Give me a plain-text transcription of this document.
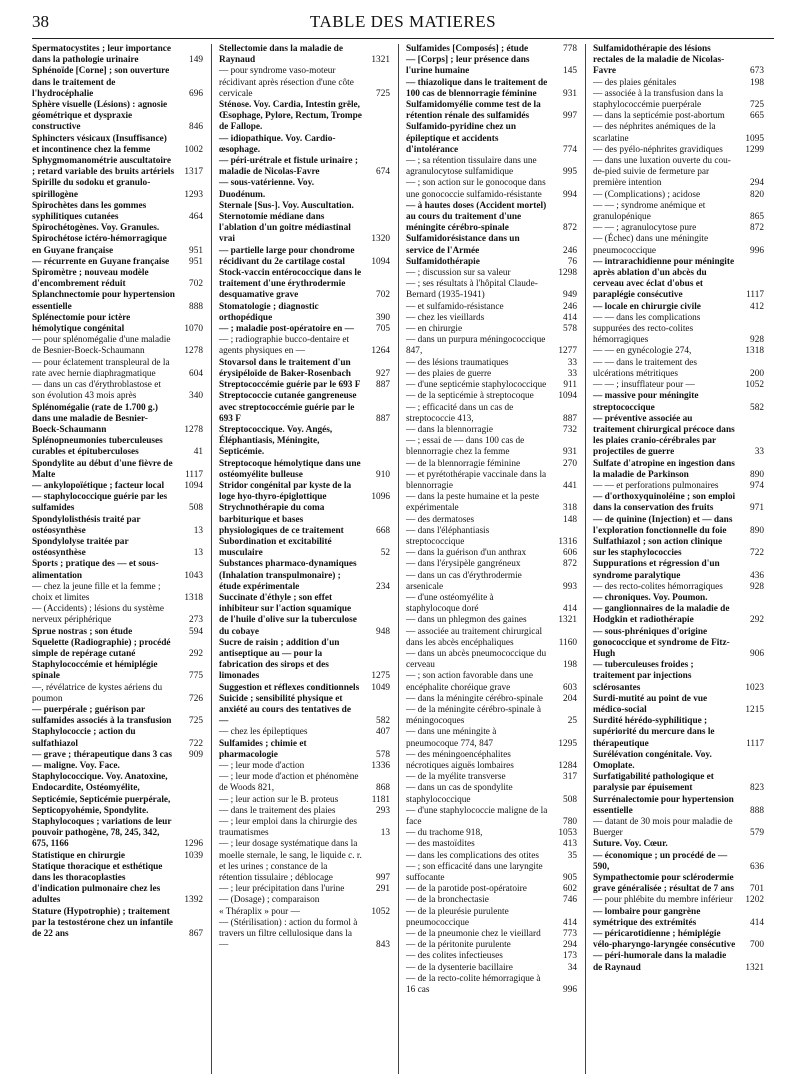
38	TABLE DES MATIERES
Spermatocystites ; leur importance dans la pathologie urinaire	149
Sphénoïde [Corne] ; son ouverture dans le traitement de l'hydrocéphalie	696
Sphère visuelle (Lésions) : agnosie géométrique et dyspraxie constructive	846
Sphincters vésicaux (Insuffisance) et incontinence chez la femme	1002
Sphygmomanométrie auscultatoire ; retard variable des bruits artériels	1317
Spirille du sodoku et granulo-spirillogène	1293
Spirochètes dans les gommes syphilitiques cutanées	464
Spirochétogènes. Voy. Granules.
Spirochétose ictéro-hémorragique en Guyane française	951
— récurrente en Guyane française	951
Spiromètre ; nouveau modèle d'encombrement réduit	702
Splanchnectomie pour hypertension essentielle	888
Splénectomie pour ictère hémolytique congénital	1070
— pour splénomégalie d'une maladie de Besnier-Boeck-Schaumann	1278
— pour éclatement transpleural de la rate avec hernie diaphragmatique	604
— dans un cas d'érythroblastose et son évolution 43 mois après	340
Splénomégalie (rate de 1.700 g.) dans une maladie de Besnier-Boeck-Schaumann	1278
Splénopneumonies tuberculeuses curables et épituberculoses	41
Spondylite au début d'une fièvre de Malte	1117
— ankylopoïétique ; facteur local	1094
— staphylococcique guérie par les sulfamides	508
Spondylolisthésis traité par ostéosynthèse	13
Spondylolyse traitée par ostéosynthèse	13
Sports ; pratique des — et sous-alimentation	1043
— chez la jeune fille et la femme ; choix et limites	1318
— (Accidents) ; lésions du système nerveux périphérique	273
Sprue nostras ; son étude	594
Squelette (Radiographie) ; procédé simple de repérage cutané	292
Staphylococcémie et hémiplégie spinale	775
—, révélatrice de kystes aériens du poumon	726
— puerpérale ; guérison par sulfamides associés à la transfusion	725
Staphylococcie ; action du sulfathiazol	722
— grave ; thérapeutique dans 3 cas	909
— maligne. Voy. Face.
Staphylococcique. Voy. Anatoxine, Endocardite, Ostéomyélite, Septicémie, Septicémie puerpérale, Septicopyohémie, Spondylite.
Staphylocoques ; variations de leur pouvoir pathogène, 78, 245, 342, 675, 1166	1296
Statistique en chirurgie	1039
Statique thoracique et esthétique dans les thoracoplasties d'indication pulmonaire chez les adultes	1392
Stature (Hypotrophie) ; traitement par la testostérone chez un infantile de 22 ans	867
Stellectomie dans la maladie de Raynaud	1321
— pour syndrome vaso-moteur récidivant après résection d'une côte cervicale	725
Sténose. Voy. Cardia, Intestin grêle, Œsophage, Pylore, Rectum, Trompe de Fallope.
— idiopathique. Voy. Cardio-œsophage.
— péri-urétrale et fistule urinaire ; maladie de Nicolas-Favre	674
— sous-vatérienne. Voy. Duodénum.
Sternale [Sus-]. Voy. Auscultation.
Sternotomie médiane dans l'ablation d'un goitre médiastinal vrai	1320
— partielle large pour chondrome récidivant du 2e cartilage costal	1094
Stock-vaccin entérococcique dans le traitement d'une érythrodermie desquamative grave	702
Stomatologie ; diagnostic orthopédique	390
— ; maladie post-opératoire en —	705
— ; radiographie bucco-dentaire et agents physiques en —	1264
Stovarsol dans le traitement d'un érysipéloïde de Baker-Rosenbach	927
Streptococcémie guérie par le 693 F	887
Streptococcie cutanée gangreneuse avec streptococcémie guérie par le 693 F	887
Streptococcique. Voy. Angés, Éléphantiasis, Méningite, Septicémie.
Streptocoque hémolytique dans une ostéomyélite bulleuse	910
Stridor congénital par kyste de la loge hyo-thyro-épiglottique	1096
Strychnothérapie du coma barbiturique et bases physiologiques de ce traitement	668
Subordination et excitabilité musculaire	52
Substances pharmaco-dynamiques (Inhalation transpulmonaire) ; étude expérimentale	234
Succinate d'éthyle ; son effet inhibiteur sur l'action squamique de l'huile d'olive sur la tuberculose du cobaye	948
Sucre de raisin ; addition d'un antiseptique au — pour la fabrication des sirops et des limonades	1275
Suggestion et réflexes conditionnels	1049
Suicide ; sensibilité physique et anxiété au cours des tentatives de —	582
— chez les épileptiques	407
Sulfamides ; chimie et pharmacologie	578
— ; leur mode d'action	1336
— ; leur mode d'action et phénomène de Woods 821,	868
— ; leur action sur le B. proteus	1181
— dans le traitement des plaies	293
— ; leur emploi dans la chirurgie des traumatismes	13
— ; leur dosage systématique dans la moelle sternale, le sang, le liquide c. r. et les urines ; constance de la rétention tissulaire ; déblocage	997
— ; leur précipitation dans l'urine	291
— (Dosage) ; comparaison
« Théraplix » pour —	1052
— (Stérilisation) : action du formol à travers un filtre cellulosique dans la —	843
Sulfamides [Composés] ; étude	778
— [Corps] ; leur présence dans l'urine humaine	145
— thiazolique dans le traitement de 100 cas de blennorragie féminine	931
Sulfamidomyélie comme test de la rétention rénale des sulfamidés	997
Sulfamido-pyridine chez un épileptique et accidents d'intolérance	774
— ; sa rétention tissulaire dans une agranulocytose sulfamidique	995
— ; son action sur le gonocoque dans une gonococcie sulfamido-résistante	994
— à hautes doses (Accident mortel) au cours du traitement d'une méningite cérébro-spinale	872
Sulfamidorésistance dans un service de l'Armée	246
Sulfamidothérapie	76
— ; discussion sur sa valeur	1298
— ; ses résultats à l'hôpital Claude-Bernard (1935-1941)	949
— et sulfamido-résistance	246
— chez les vieillards	414
— en chirurgie	578
— dans un purpura méningococcique 847,	1277
— des lésions traumatiques	33
— des plaies de guerre	33
— d'une septicémie staphylococcique	911
— de la septicémie à streptocoque	1094
— ; efficacité dans un cas de streptococcie 413,	887
— dans la blennorragie	732
— ; essai de — dans 100 cas de blennorragie chez la femme	931
— de la blennorragie féminine	270
— et pyrétothérapie vaccinale dans la blennorragie	441
— dans la peste humaine et la peste expérimentale	318
— des dermatoses	148
— dans l'éléphantiasis streptococcique	1316
— dans la guérison d'un anthrax	606
— dans l'érysipèle gangréneux	872
— dans un cas d'érythrodermie arsenicale	993
— d'une ostéomyélite à staphylocoque doré	414
— dans un phlegmon des gaines	1321
— associée au traitement chirurgical dans les abcès encéphaliques	1160
— dans un abcès pneumococcique du cerveau	198
— ; son action favorable dans une encéphalite choréique grave	603
— dans la méningite cérébro-spinale	204
— de la méningite cérébro-spinale à méningocoques	25
— dans une méningite à pneumocoque 774, 847	1295
— des méningoencéphalites nécrotiques aiguës lombaires	1284
— de la myélite transverse	317
— dans un cas de spondylite staphylococcique	508
— d'une staphylococcie maligne de la face	780
— du trachome 918,	1053
— des mastoïdites	413
— dans les complications des otites	35
— ; son efficacité dans une laryngite suffocante	905
— de la parotide post-opératoire	602
— de la bronchectasie	746
— de la pleurésie purulente pneumococcique	414
— de la pneumonie chez le vieillard	773
— de la péritonite purulente	294
— des colites infectieuses	173
— de la dysenterie bacillaire	34
— de la recto-colite hémorragique à 16 cas	996
Sulfamidothérapie des lésions rectales de la maladie de Nicolas-Favre	673
— des plaies génitales	198
— associée à la transfusion dans la staphylococcémie puerpérale	725
— dans la septicémie post-abortum	665
— des néphrites anémiques de la scarlatine	1095
— des pyélo-néphrites gravidiques	1299
— dans une luxation ouverte du cou-de-pied suivie de fermeture par première intention	294
— (Complications) ; acidose	820
— — ; syndrome anémique et granulopénique	865
— — ; agranulocytose pure	872
— (Échec) dans une méningite pneumococcique	996
— intrarachidienne pour méningite après ablation d'un abcès du cerveau avec éclat d'obus et paraplégie consécutive	1117
— locale en chirurgie civile	412
— — dans les complications suppurées des recto-colites hémorragiques	928
— — en gynécologie 274,	1318
— — dans le traitement des ulcérations métritiques	200
— — ; insufflateur pour —	1052
— massive pour méningite streptococcique	582
— préventive associée au traitement chirurgical précoce dans les plaies cranio-cérébrales par projectiles de guerre	33
Sulfate d'atropine en ingestion dans la maladie de Parkinson	890
— — et perforations pulmonaires	974
— d'orthoxyquinoléine ; son emploi dans la conservation des fruits	971
— de quinine (Injection) et — dans l'exploration fonctionnelle du foie	890
Sulfathiazol ; son action clinique sur les staphylococcies	722
Suppurations et régression d'un syndrome paralytique	436
— des recto-colites hémorragiques	928
— chroniques. Voy. Poumon.
— ganglionnaires de la maladie de Hodgkin et radiothérapie	292
— sous-phréniques d'origine gonococcique et syndrome de Fitz-Hugh	906
— tuberculeuses froides ; traitement par injections sclérosantes	1023
Surdi-mutité au point de vue médico-social	1215
Surdité hérédo-syphilitique ; supériorité du mercure dans le thérapeutique	1117
Surélévation congénitale. Voy. Omoplate.
Surfatigabilité pathologique et paralysie par épuisement	823
Surrénalectomie pour hypertension essentielle	888
— datant de 30 mois pour maladie de Buerger	579
Suture. Voy. Cœur.
— économique ; un procédé de — 590,	636
Sympathectomie pour sclérodermie grave généralisée ; résultat de 7 ans	701
— pour phlébite du membre inférieur	1202
— lombaire pour gangrène symétrique des extrémités	414
— péricarotidienne ; hémiplégie vélo-pharyngo-laryngée consécutive	700
— péri-humorale dans la maladie de Raynaud	1321
